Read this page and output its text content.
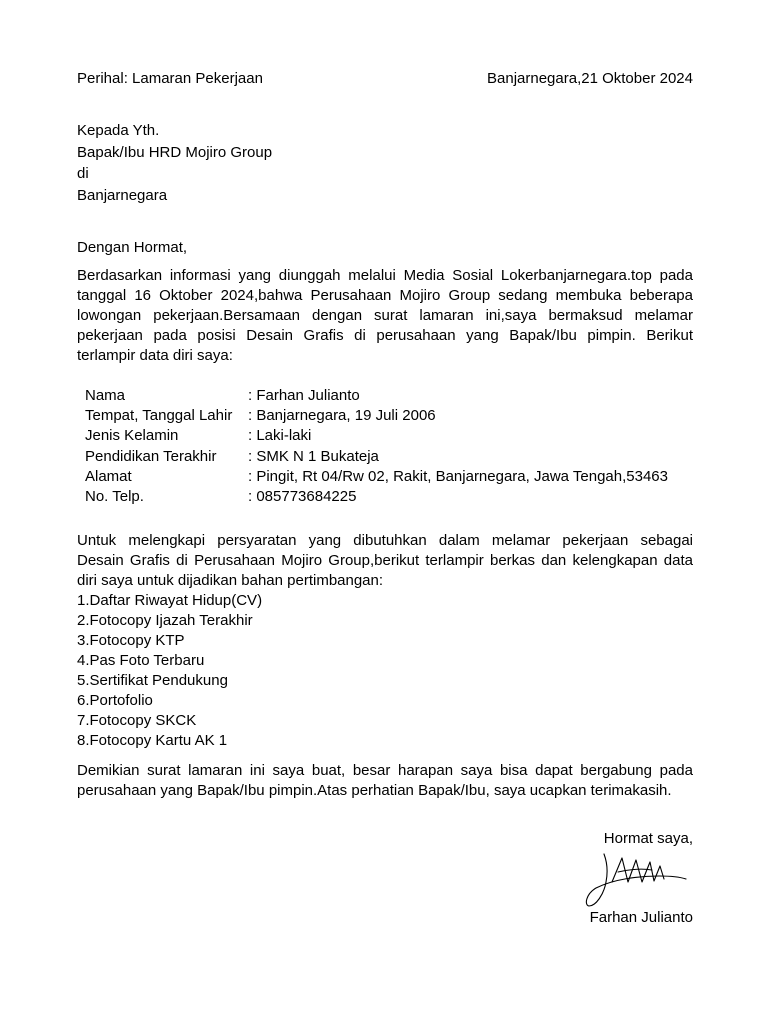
Perihal: Lamaran Pekerjaan	Banjarnegara,21 Oktober 2024
Kepada Yth.
Bapak/Ibu HRD Mojiro Group
di
Banjarnegara
Dengan Hormat,
Berdasarkan informasi yang diunggah melalui Media Sosial Lokerbanjarnegara.top pada
tanggal 16 Oktober 2024,bahwa Perusahaan Mojiro Group sedang membuka beberapa
lowongan pekerjaan.Bersamaan dengan surat lamaran ini,saya bermaksud melamar
pekerjaan pada posisi Desain Grafis di perusahaan yang Bapak/Ibu pimpin. Berikut
terlampir data diri saya:
Nama	: Farhan Julianto
Tempat, Tanggal Lahir	: Banjarnegara, 19 Juli 2006
Jenis Kelamin	: Laki-laki
Pendidikan Terakhir	: SMK N 1 Bukateja
Alamat	: Pingit, Rt 04/Rw 02, Rakit, Banjarnegara, Jawa Tengah,53463
No. Telp.	: 085773684225
Untuk melengkapi persyaratan yang dibutuhkan dalam melamar pekerjaan sebagai
Desain Grafis di Perusahaan Mojiro Group,berikut terlampir berkas dan kelengkapan data
diri saya untuk dijadikan bahan pertimbangan:
1.Daftar Riwayat Hidup(CV)
2.Fotocopy Ijazah Terakhir
3.Fotocopy KTP
4.Pas Foto Terbaru
5.Sertifikat Pendukung
6.Portofolio
7.Fotocopy SKCK
8.Fotocopy Kartu AK 1
Demikian surat lamaran ini saya buat, besar harapan saya bisa dapat bergabung pada
perusahaan yang Bapak/Ibu pimpin.Atas perhatian Bapak/Ibu, saya ucapkan terimakasih.
Hormat saya,
Farhan Julianto
